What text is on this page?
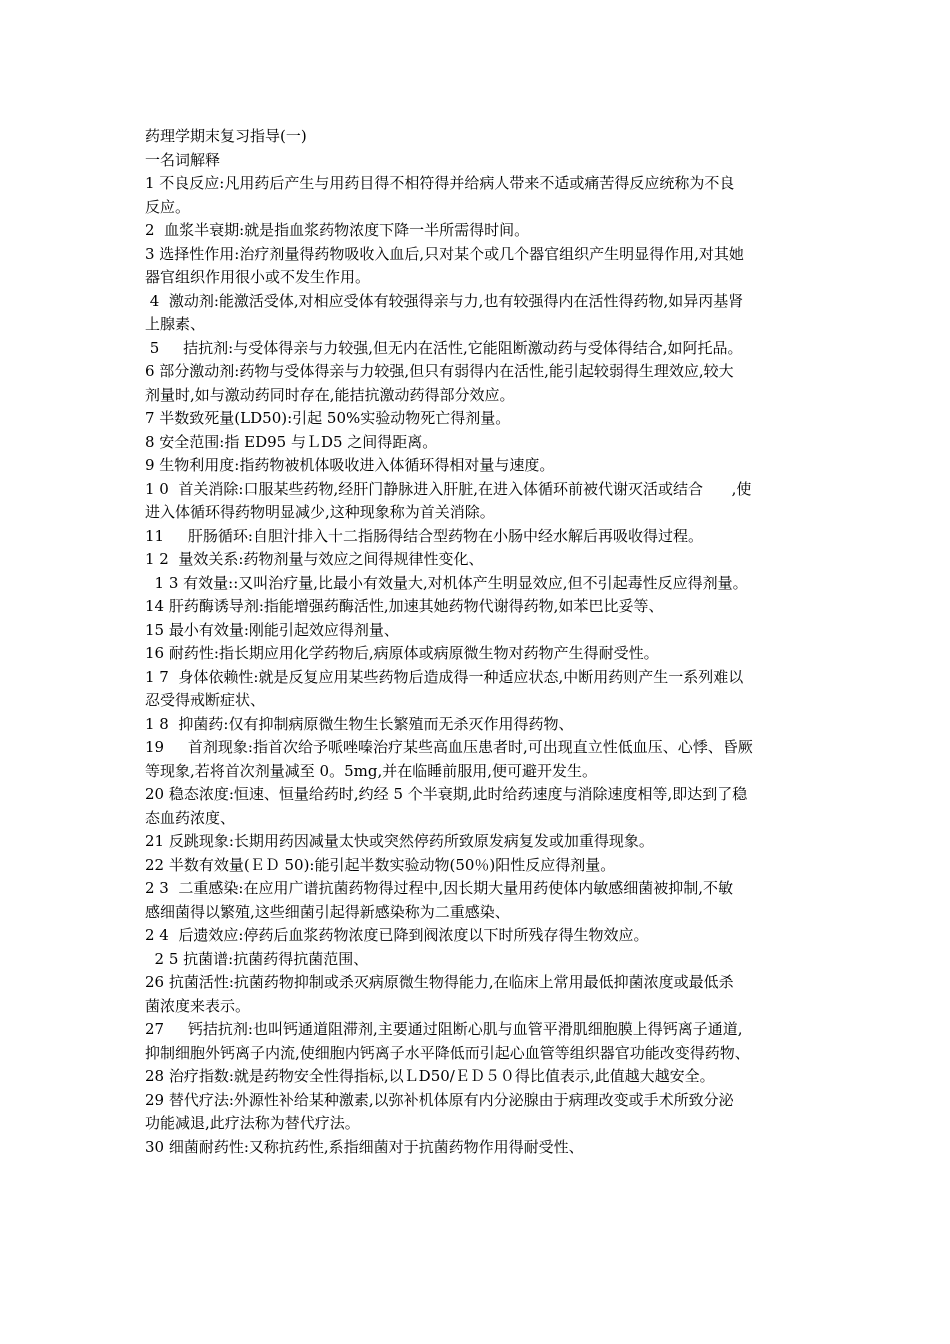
药理学期末复习指导(一)

一名词解释

1 不良反应:凡用药后产生与用药目得不相符得并给病人带来不适或痛苦得反应统称为不良

反应。

2  血浆半衰期:就是指血浆药物浓度下降一半所需得时间。

3 选择性作用:治疗剂量得药物吸收入血后,只对某个或几个器官组织产生明显得作用,对其她

器官组织作用很小或不发生作用。

4  激动剂:能激活受体,对相应受体有较强得亲与力,也有较强得内在活性得药物,如异丙基肾

上腺素、

5     拮抗剂:与受体得亲与力较强,但无内在活性,它能阻断激动药与受体得结合,如阿托品。

6 部分激动剂:药物与受体得亲与力较强,但只有弱得内在活性,能引起较弱得生理效应,较大

剂量时,如与激动药同时存在,能拮抗激动药得部分效应。

7 半数致死量(LD50):引起 50%实验动物死亡得剂量。

8 安全范围:指 ED95 与ＬD5 之间得距离。

9 生物利用度:指药物被机体吸收进入体循环得相对量与速度。

1 0  首关消除:口服某些药物,经肝门静脉进入肝脏,在进入体循环前被代谢灭活或结合      ,使

进入体循环得药物明显减少,这种现象称为首关消除。

11     肝肠循环:自胆汁排入十二指肠得结合型药物在小肠中经水解后再吸收得过程。

1 2  量效关系:药物剂量与效应之间得规律性变化、

1 3 有效量::又叫治疗量,比最小有效量大,对机体产生明显效应,但不引起毒性反应得剂量。

14 肝药酶诱导剂:指能增强药酶活性,加速其她药物代谢得药物,如苯巴比妥等、

15 最小有效量:刚能引起效应得剂量、

16 耐药性:指长期应用化学药物后,病原体或病原微生物对药物产生得耐受性。

1 7  身体依赖性:就是反复应用某些药物后造成得一种适应状态,中断用药则产生一系列难以

忍受得戒断症状、

1 8  抑菌药:仅有抑制病原微生物生长繁殖而无杀灭作用得药物、

19     首剂现象:指首次给予哌唑嗪治疗某些高血压患者时,可出现直立性低血压、心悸、昏厥

等现象,若将首次剂量减至 0。5mg,并在临睡前服用,便可避开发生。

20 稳态浓度:恒速、恒量给药时,约经 5 个半衰期,此时给药速度与消除速度相等,即达到了稳

态血药浓度、

21 反跳现象:长期用药因减量太快或突然停药所致原发病复发或加重得现象。

22 半数有效量(ＥＤ 50):能引起半数实验动物(50％)阳性反应得剂量。

2 3  二重感染:在应用广谱抗菌药物得过程中,因长期大量用药使体内敏感细菌被抑制,不敏

感细菌得以繁殖,这些细菌引起得新感染称为二重感染、

2 4  后遗效应:停药后血浆药物浓度已降到阀浓度以下时所残存得生物效应。

2 5 抗菌谱:抗菌药得抗菌范围、

26 抗菌活性:抗菌药物抑制或杀灭病原微生物得能力,在临床上常用最低抑菌浓度或最低杀

菌浓度来表示。

27     钙拮抗剂:也叫钙通道阻滞剂,主要通过阻断心肌与血管平滑肌细胞膜上得钙离子通道,

抑制细胞外钙离子内流,使细胞内钙离子水平降低而引起心血管等组织器官功能改变得药物、

28 治疗指数:就是药物安全性得指标,以ＬD50/ＥＤ５０得比值表示,此值越大越安全。

29 替代疗法:外源性补给某种激素,以弥补机体原有内分泌腺由于病理改变或手术所致分泌

功能减退,此疗法称为替代疗法。

30 细菌耐药性:又称抗药性,系指细菌对于抗菌药物作用得耐受性、
